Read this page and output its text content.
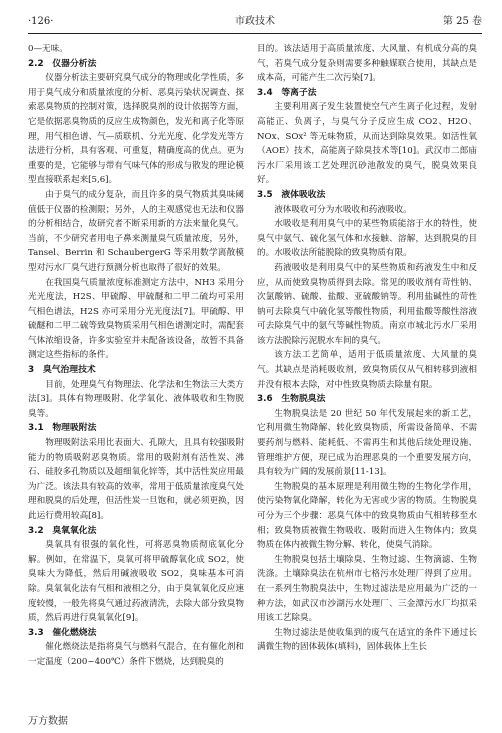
·126·	市政技术	第 25 卷

0—无味。

2.2　仪器分析法

仪器分析法主要研究臭气成分的物理或化学性质，多用于臭气成分和质量浓度的分析、恶臭污染状况调查、探索恶臭物质的控制对策，选择脱臭剂的设计依据等方面，它是依据恶臭物质的反应生成物颜色，发光和离子化等原理，用气相色谱、气—质联机、分光光度、化学发光等方法进行分析，具有客观、可重复，精确度高的优点。更为重要的是，它能够与带有气味气体的形成与散发的理论模型直接联系起来[5,6]。

由于臭气的成分复杂，而且许多的臭气物质其臭味阈值低于仪器的检测限；另外，人的主观感觉也无法和仪器的分析相结合，故研究者不断采用新的方法来量化臭气。当前，不少研究者用电子鼻来测量臭气质量浓度，另外，Tansel、Berrin 和 SchaubergerG 等采用数学离散模型对污水厂臭气进行预测分析也取得了很好的效果。

在我国臭气质量浓度标准测定方法中，NH3 采用分光光度法，H2S、甲硫醇、甲硫醚和二甲二硫均可采用气相色谱法，H2S 亦可采用分光光度法[7]。甲硫醇、甲硫醚和二甲二硫等致臭物质采用气相色谱测定时，需配套气体浓缩设备，许多实验室并未配备该设备，故暂不具备测定这些指标的条件。

3　臭气治理技术

目前，处理臭气有物理法、化学法和生物法三大类方法[3]。具体有物理吸附、化学氧化、液体吸收和生物脱臭等。

3.1　物理吸附法

物理吸附法采用比表面大、孔隙大，且具有较强吸附能力的物质吸附恶臭物质。常用的吸附剂有活性炭、沸石、硅胶多孔物质以及超细氧化锌等，其中活性炭应用最为广泛。该法具有较高的效率，常用于低质量浓度臭气处理和脱臭的后处理，但活性炭一旦饱和，就必须更换，因此运行费用较高[8]。

3.2　臭氧氧化法

臭氧具有很强的氧化性，可将恶臭物质彻底氧化分解。例如，在常温下，臭氧可将甲硫醇氧化成 SO2，使臭味大为降低，然后用碱液吸收 SO2，臭味基本可消除。臭氧氧化法有气相和液相之分，由于臭氧氧化反应速度较慢，一般先将臭气通过药液清洗，去除大部分致臭物质，然后再进行臭氧氧化[9]。

3.3　催化燃烧法

催化燃烧法是指将臭气与燃料气混合，在有催化剂和一定温度（200~400℃）条件下燃烧，达到脱臭的

目的。该法适用于高质量浓度、大风量、有机成分高的臭气，若臭气成分复杂则需要多种触媒联合使用，其缺点是成本高，可能产生二次污染[7]。

3.4　等离子法

主要利用离子发生装置使空气产生离子化过程，发射高能正、负离子，与臭气分子反应生成 CO2、H2O、NOx、SOx² 等无味物质，从而达到除臭效果。如活性氧（AOE）技术，高能离子除臭技术等[10]。武汉市二郎庙污水厂采用该工艺处理沉砂池散发的臭气，脱臭效果良好。

3.5　液体吸收法

液体吸收可分为水吸收和药液吸收。

水吸收是利用臭气中的某些物质能溶于水的特性，使臭气中氨气、硫化氢气体和水接触、溶解，达到脱臭的目的。水吸收法所能脱除的致臭物质有限。

药液吸收是利用臭气中的某些物质和药液发生中和反应，从而使致臭物质得到去除。常见的吸收剂有苛性钠、次氯酸钠、硫酸、盐酸、亚硫酸钠等。利用盐碱性的苛性钠可去除臭气中硫化氢等酸性物质，利用盐酸等酸性溶液可去除臭气中的氨气等碱性物质。南京市城北污水厂采用该方法脱除污泥脱水车间的臭气。

该方法工艺简单，适用于低质量浓度、大风量的臭气。其缺点是消耗吸收剂，致臭物质仅从气相转移到液相并没有根本去除，对中性致臭物质去除量有限。

3.6　生物脱臭法

生物脱臭法是 20 世纪 50 年代发展起来的新工艺，它利用微生物降解、转化致臭物质，所需设备简单、不需要药剂与燃料、能耗低、不需再生和其他后续处理设施、管理维护方便，现已成为治理恶臭的一个重要发展方向，具有较为广阔的发展前景[11-13]。

生物脱臭的基本原理是利用微生物的生物化学作用，使污染物氧化降解，转化为无害或少害的物质。生物脱臭可分为三个步骤：恶臭气体中的致臭物质由气相转移至水相；致臭物质被微生物吸收、吸附而进入生物体内；致臭物质在体内被微生物分解、转化，使臭气消除。

生物脱臭包括土壤除臭、生物过滤、生物滴滤、生物洗涤。土壤除臭法在杭州市七格污水处理厂得到了应用。在一系列生物脱臭法中，生物过滤法是应用最为广泛的一种方法，如武汉市沙湖污水处理厂、三金潭污水厂均拟采用该工艺除臭。

生物过滤法是使收集到的废气在适宜的条件下通过长满微生物的固体载体(填料)，固体载体上生长

万方数据
